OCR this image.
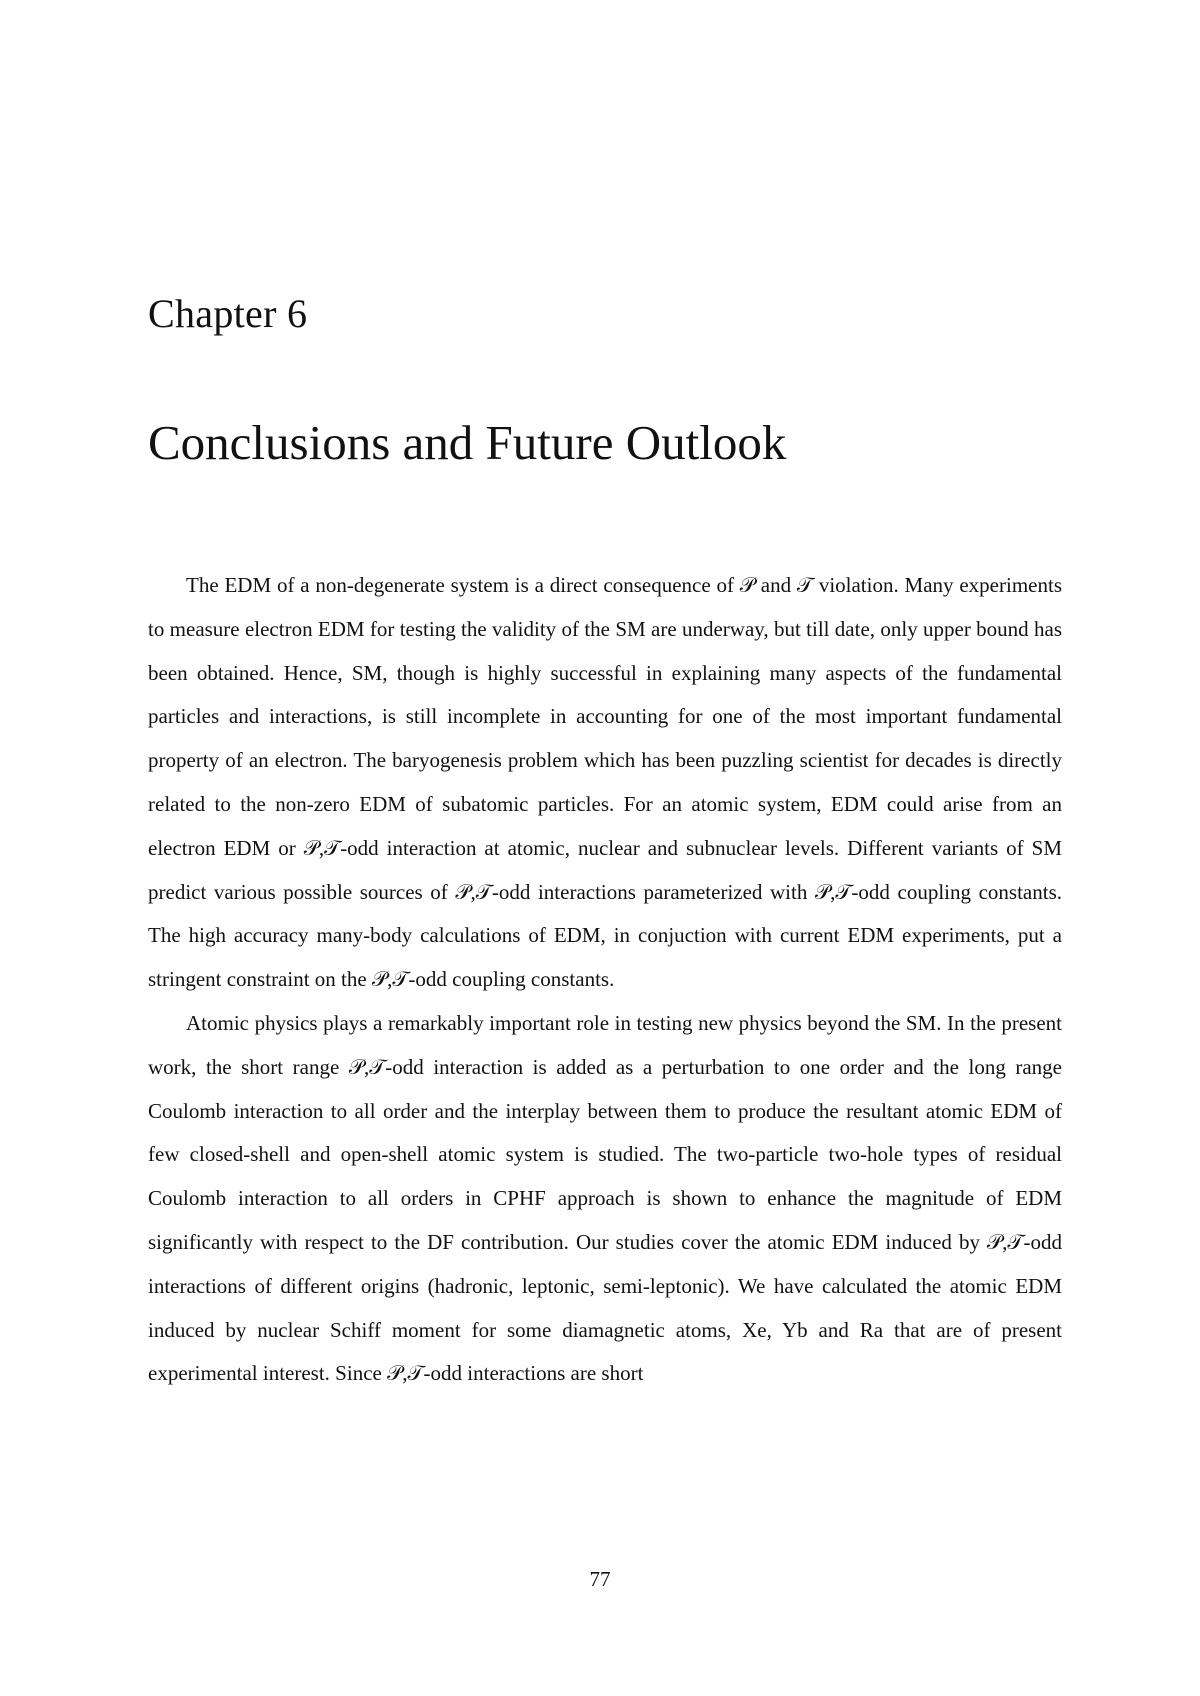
Chapter 6
Conclusions and Future Outlook

The EDM of a non-degenerate system is a direct consequence of 𝒫 and 𝒯 violation. Many experiments to measure electron EDM for testing the validity of the SM are underway, but till date, only upper bound has been obtained. Hence, SM, though is highly successful in explaining many aspects of the fundamental particles and interactions, is still incomplete in accounting for one of the most important fundamental property of an electron. The baryogenesis problem which has been puzzling scientist for decades is directly related to the non-zero EDM of subatomic particles. For an atomic system, EDM could arise from an electron EDM or 𝒫,𝒯-odd interaction at atomic, nuclear and subnuclear levels. Different variants of SM predict various possible sources of 𝒫,𝒯-odd interactions parameterized with 𝒫,𝒯-odd coupling constants. The high accuracy many-body calculations of EDM, in conjuction with current EDM experiments, put a stringent constraint on the 𝒫,𝒯-odd coupling constants.

Atomic physics plays a remarkably important role in testing new physics beyond the SM. In the present work, the short range 𝒫,𝒯-odd interaction is added as a perturbation to one order and the long range Coulomb interaction to all order and the interplay between them to produce the resultant atomic EDM of few closed-shell and open-shell atomic system is studied. The two-particle two-hole types of residual Coulomb interaction to all orders in CPHF approach is shown to enhance the magnitude of EDM significantly with respect to the DF contribution. Our studies cover the atomic EDM induced by 𝒫,𝒯-odd interactions of different origins (hadronic, leptonic, semi-leptonic). We have calculated the atomic EDM induced by nuclear Schiff moment for some diamagnetic atoms, Xe, Yb and Ra that are of present experimental interest. Since 𝒫,𝒯-odd interactions are short

77
